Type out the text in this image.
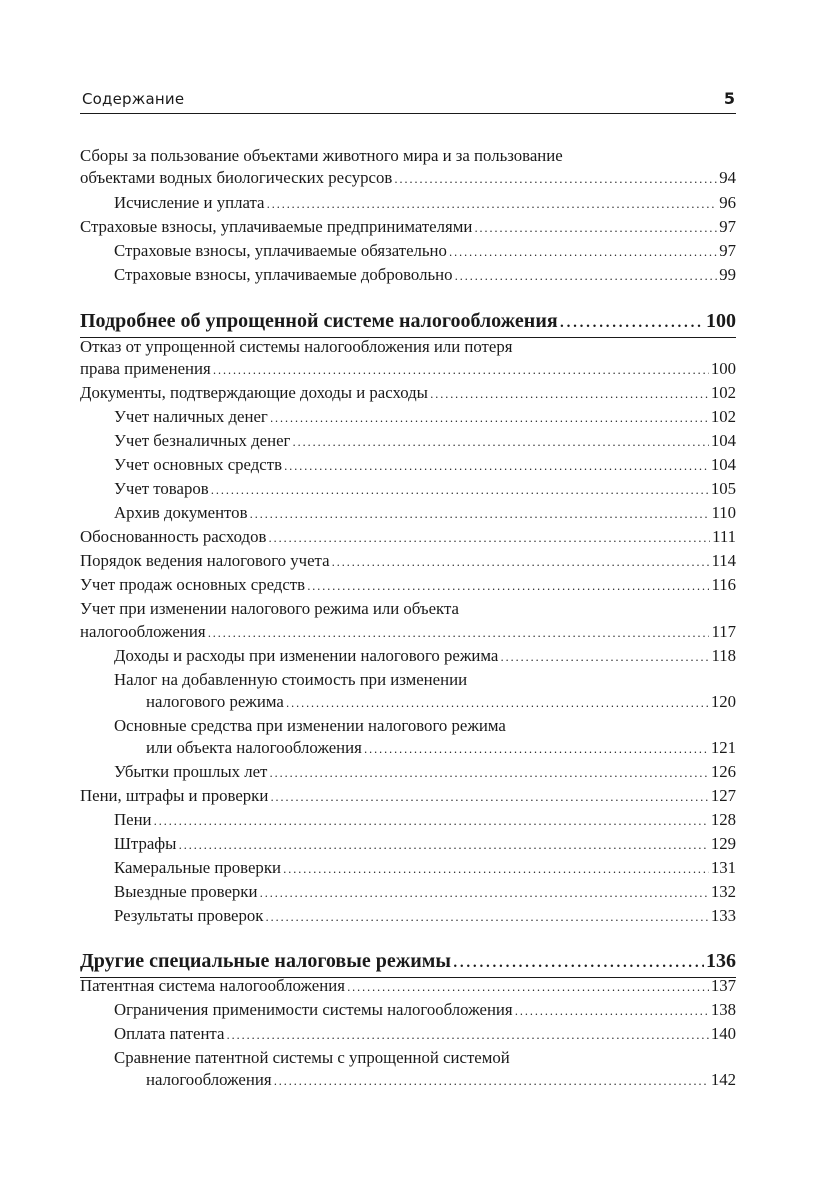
Содержание	5
Сборы за пользование объектами животного мира и за пользование
объектами водных биологических ресурсов .....	94
Исчисление и уплата .....	96
Страховые взносы, уплачиваемые предпринимателями .....	97
Страховые взносы, уплачиваемые обязательно .....	97
Страховые взносы, уплачиваемые добровольно .....	99
Подробнее об упрощенной системе налогообложения .....	100
Отказ от упрощенной системы налогообложения или потеря
права применения .....	100
Документы, подтверждающие доходы и расходы .....	102
Учет наличных денег .....	102
Учет безналичных денег .....	104
Учет основных средств .....	104
Учет товаров .....	105
Архив документов .....	110
Обоснованность расходов .....	111
Порядок ведения налогового учета .....	114
Учет продаж основных средств .....	116
Учет при изменении налогового режима или объекта
налогообложения .....	117
Доходы и расходы при изменении налогового режима .....	118
Налог на добавленную стоимость при изменении
налогового режима .....	120
Основные средства при изменении налогового режима
или объекта налогообложения .....	121
Убытки прошлых лет .....	126
Пени, штрафы и проверки .....	127
Пени .....	128
Штрафы .....	129
Камеральные проверки .....	131
Выездные проверки .....	132
Результаты проверок .....	133
Другие специальные налоговые режимы .....	136
Патентная система налогообложения .....	137
Ограничения применимости системы налогообложения .....	138
Оплата патента .....	140
Сравнение патентной системы с упрощенной системой
налогообложения .....	142
